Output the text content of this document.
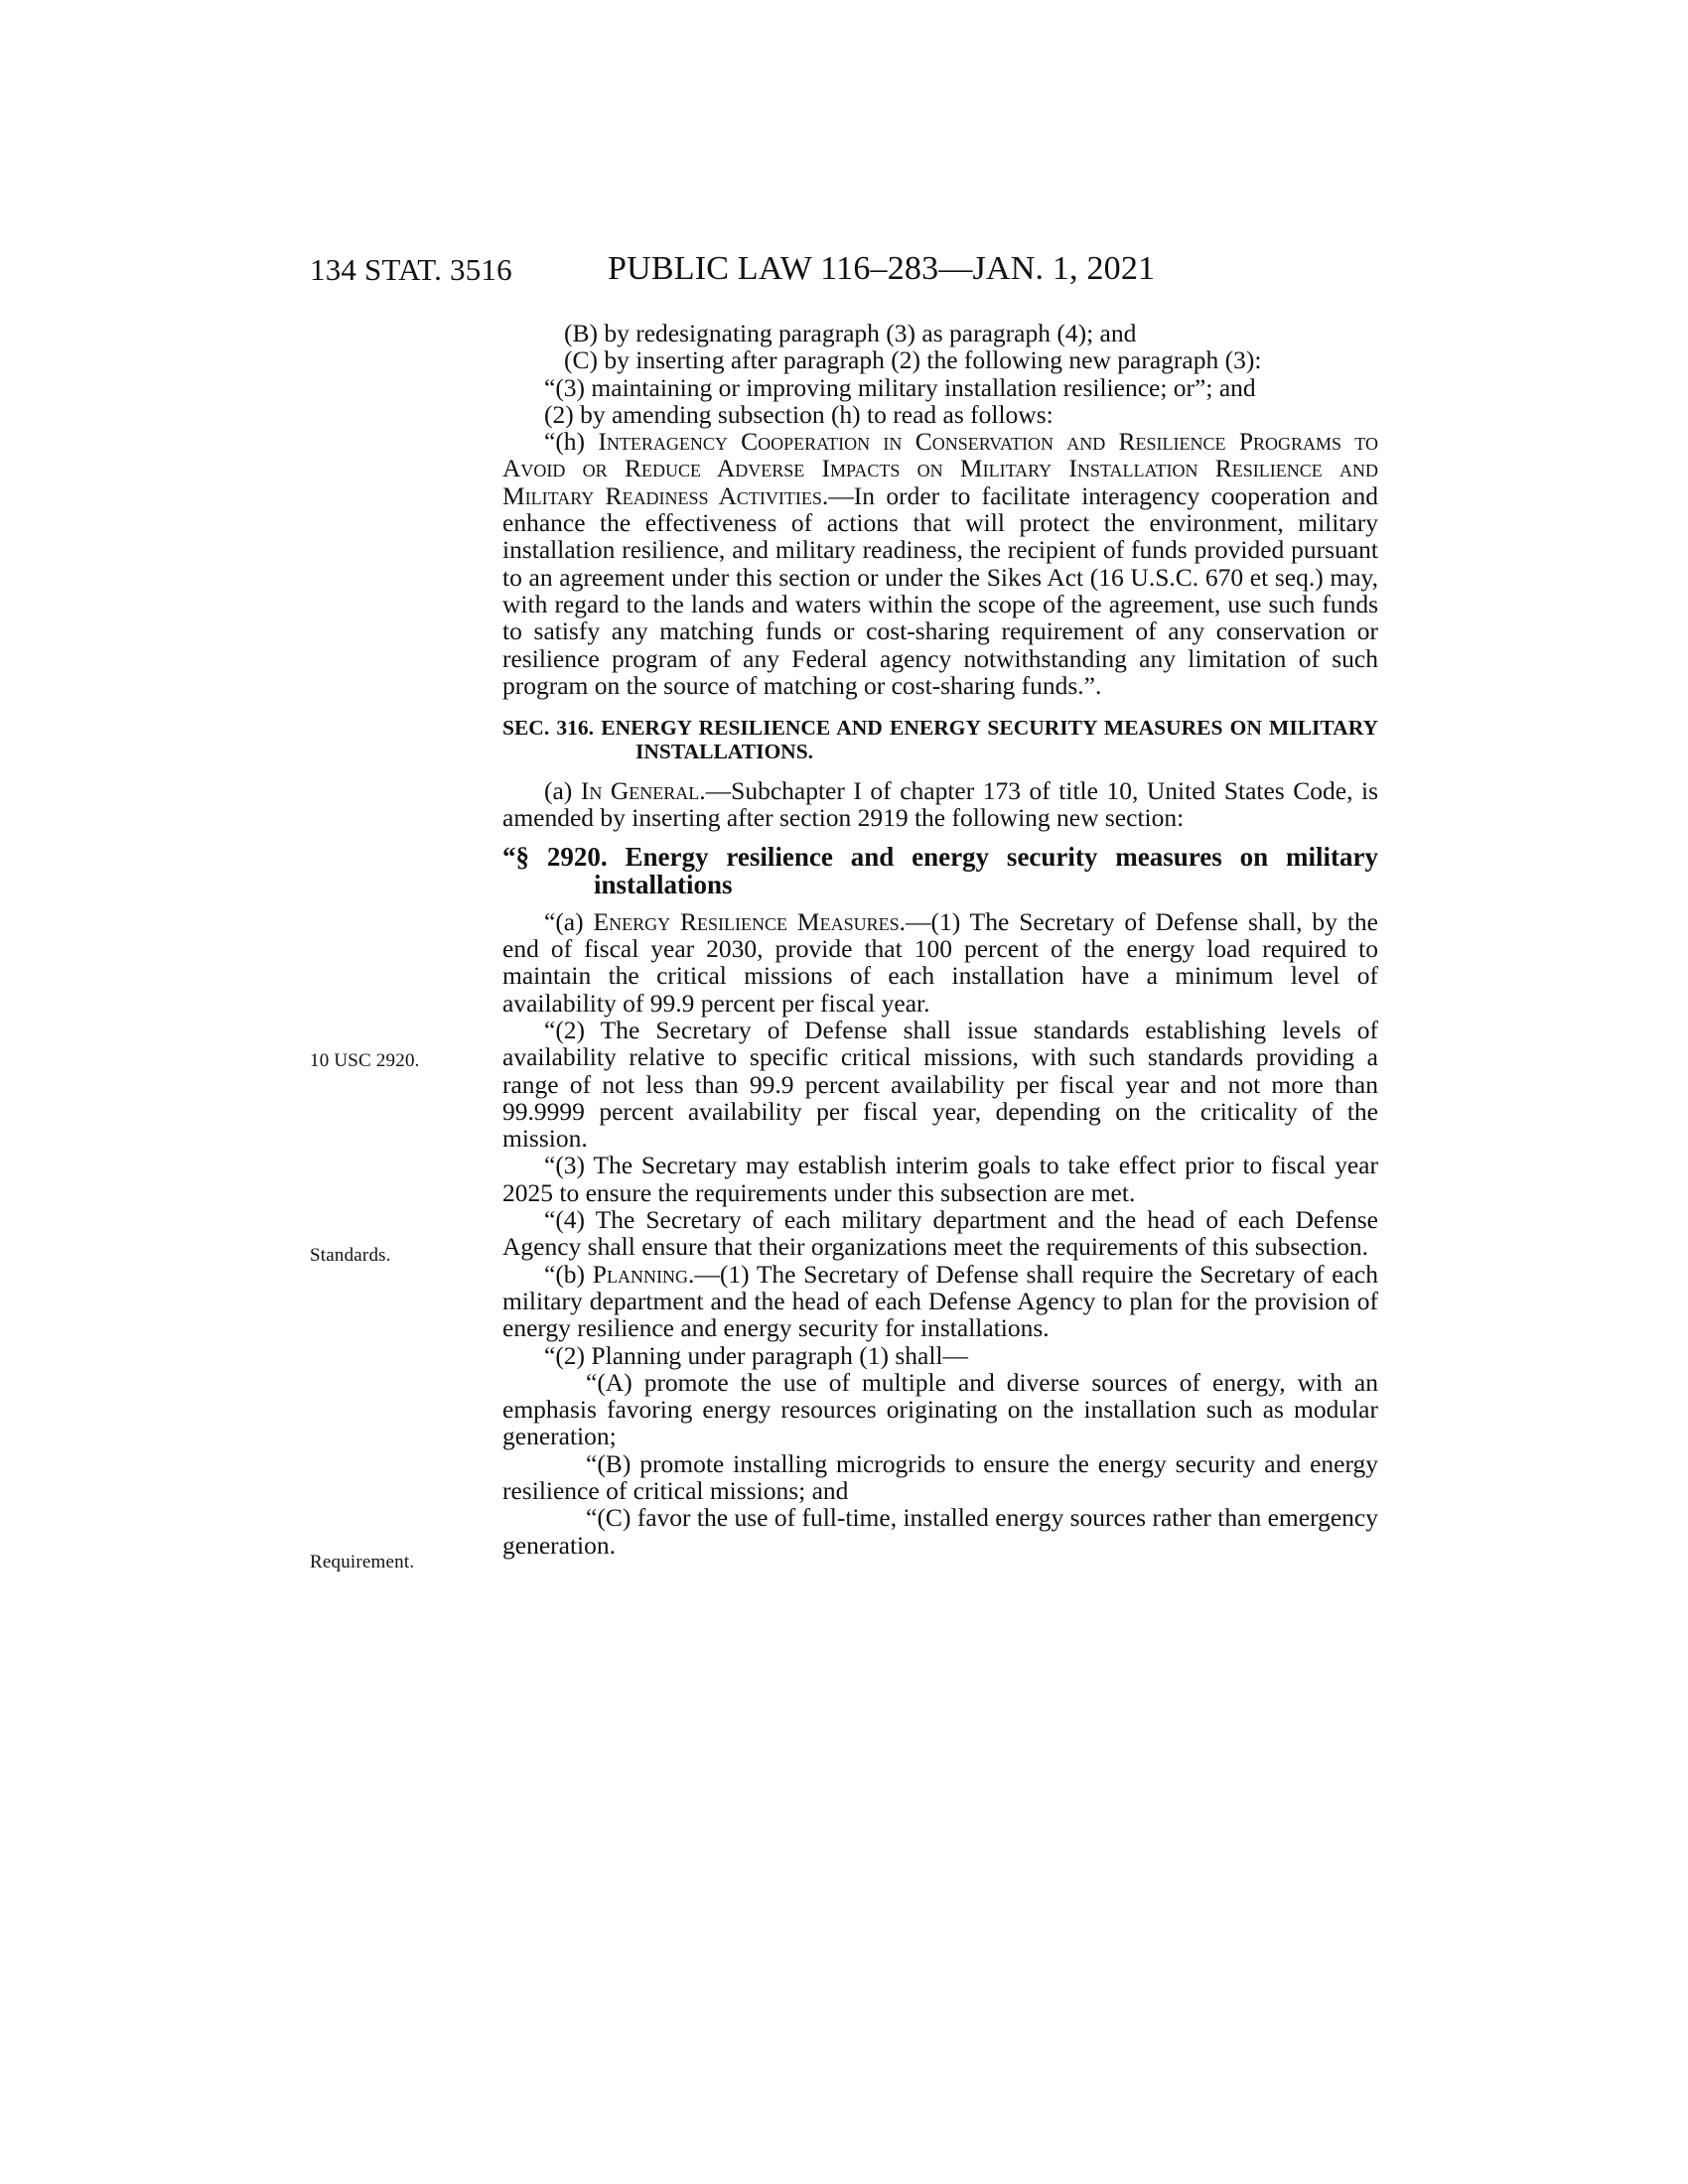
134 STAT. 3516	PUBLIC LAW 116–283—JAN. 1, 2021
10 USC 2920.
Standards.
Requirement.

(B) by redesignating paragraph (3) as paragraph (4); and

(C) by inserting after paragraph (2) the following new paragraph (3):

“(3) maintaining or improving military installation resilience; or”; and

(2) by amending subsection (h) to read as follows:

“(h) Interagency Cooperation in Conservation and Resilience Programs to Avoid or Reduce Adverse Impacts on Military Installation Resilience and Military Readiness Activities.—In order to facilitate interagency cooperation and enhance the effectiveness of actions that will protect the environment, military installation resilience, and military readiness, the recipient of funds provided pursuant to an agreement under this section or under the Sikes Act (16 U.S.C. 670 et seq.) may, with regard to the lands and waters within the scope of the agreement, use such funds to satisfy any matching funds or cost-sharing requirement of any conservation or resilience program of any Federal agency notwithstanding any limitation of such program on the source of matching or cost-sharing funds.”.

SEC. 316. ENERGY RESILIENCE AND ENERGY SECURITY MEASURES ON MILITARY INSTALLATIONS.

(a) In General.—Subchapter I of chapter 173 of title 10, United States Code, is amended by inserting after section 2919 the following new section:

“§ 2920. Energy resilience and energy security measures on military installations

“(a) Energy Resilience Measures.—(1) The Secretary of Defense shall, by the end of fiscal year 2030, provide that 100 percent of the energy load required to maintain the critical missions of each installation have a minimum level of availability of 99.9 percent per fiscal year.

“(2) The Secretary of Defense shall issue standards establishing levels of availability relative to specific critical missions, with such standards providing a range of not less than 99.9 percent availability per fiscal year and not more than 99.9999 percent availability per fiscal year, depending on the criticality of the mission.

“(3) The Secretary may establish interim goals to take effect prior to fiscal year 2025 to ensure the requirements under this subsection are met.

“(4) The Secretary of each military department and the head of each Defense Agency shall ensure that their organizations meet the requirements of this subsection.

“(b) Planning.—(1) The Secretary of Defense shall require the Secretary of each military department and the head of each Defense Agency to plan for the provision of energy resilience and energy security for installations.

“(2) Planning under paragraph (1) shall—

“(A) promote the use of multiple and diverse sources of energy, with an emphasis favoring energy resources originating on the installation such as modular generation;

“(B) promote installing microgrids to ensure the energy security and energy resilience of critical missions; and

“(C) favor the use of full-time, installed energy sources rather than emergency generation.
